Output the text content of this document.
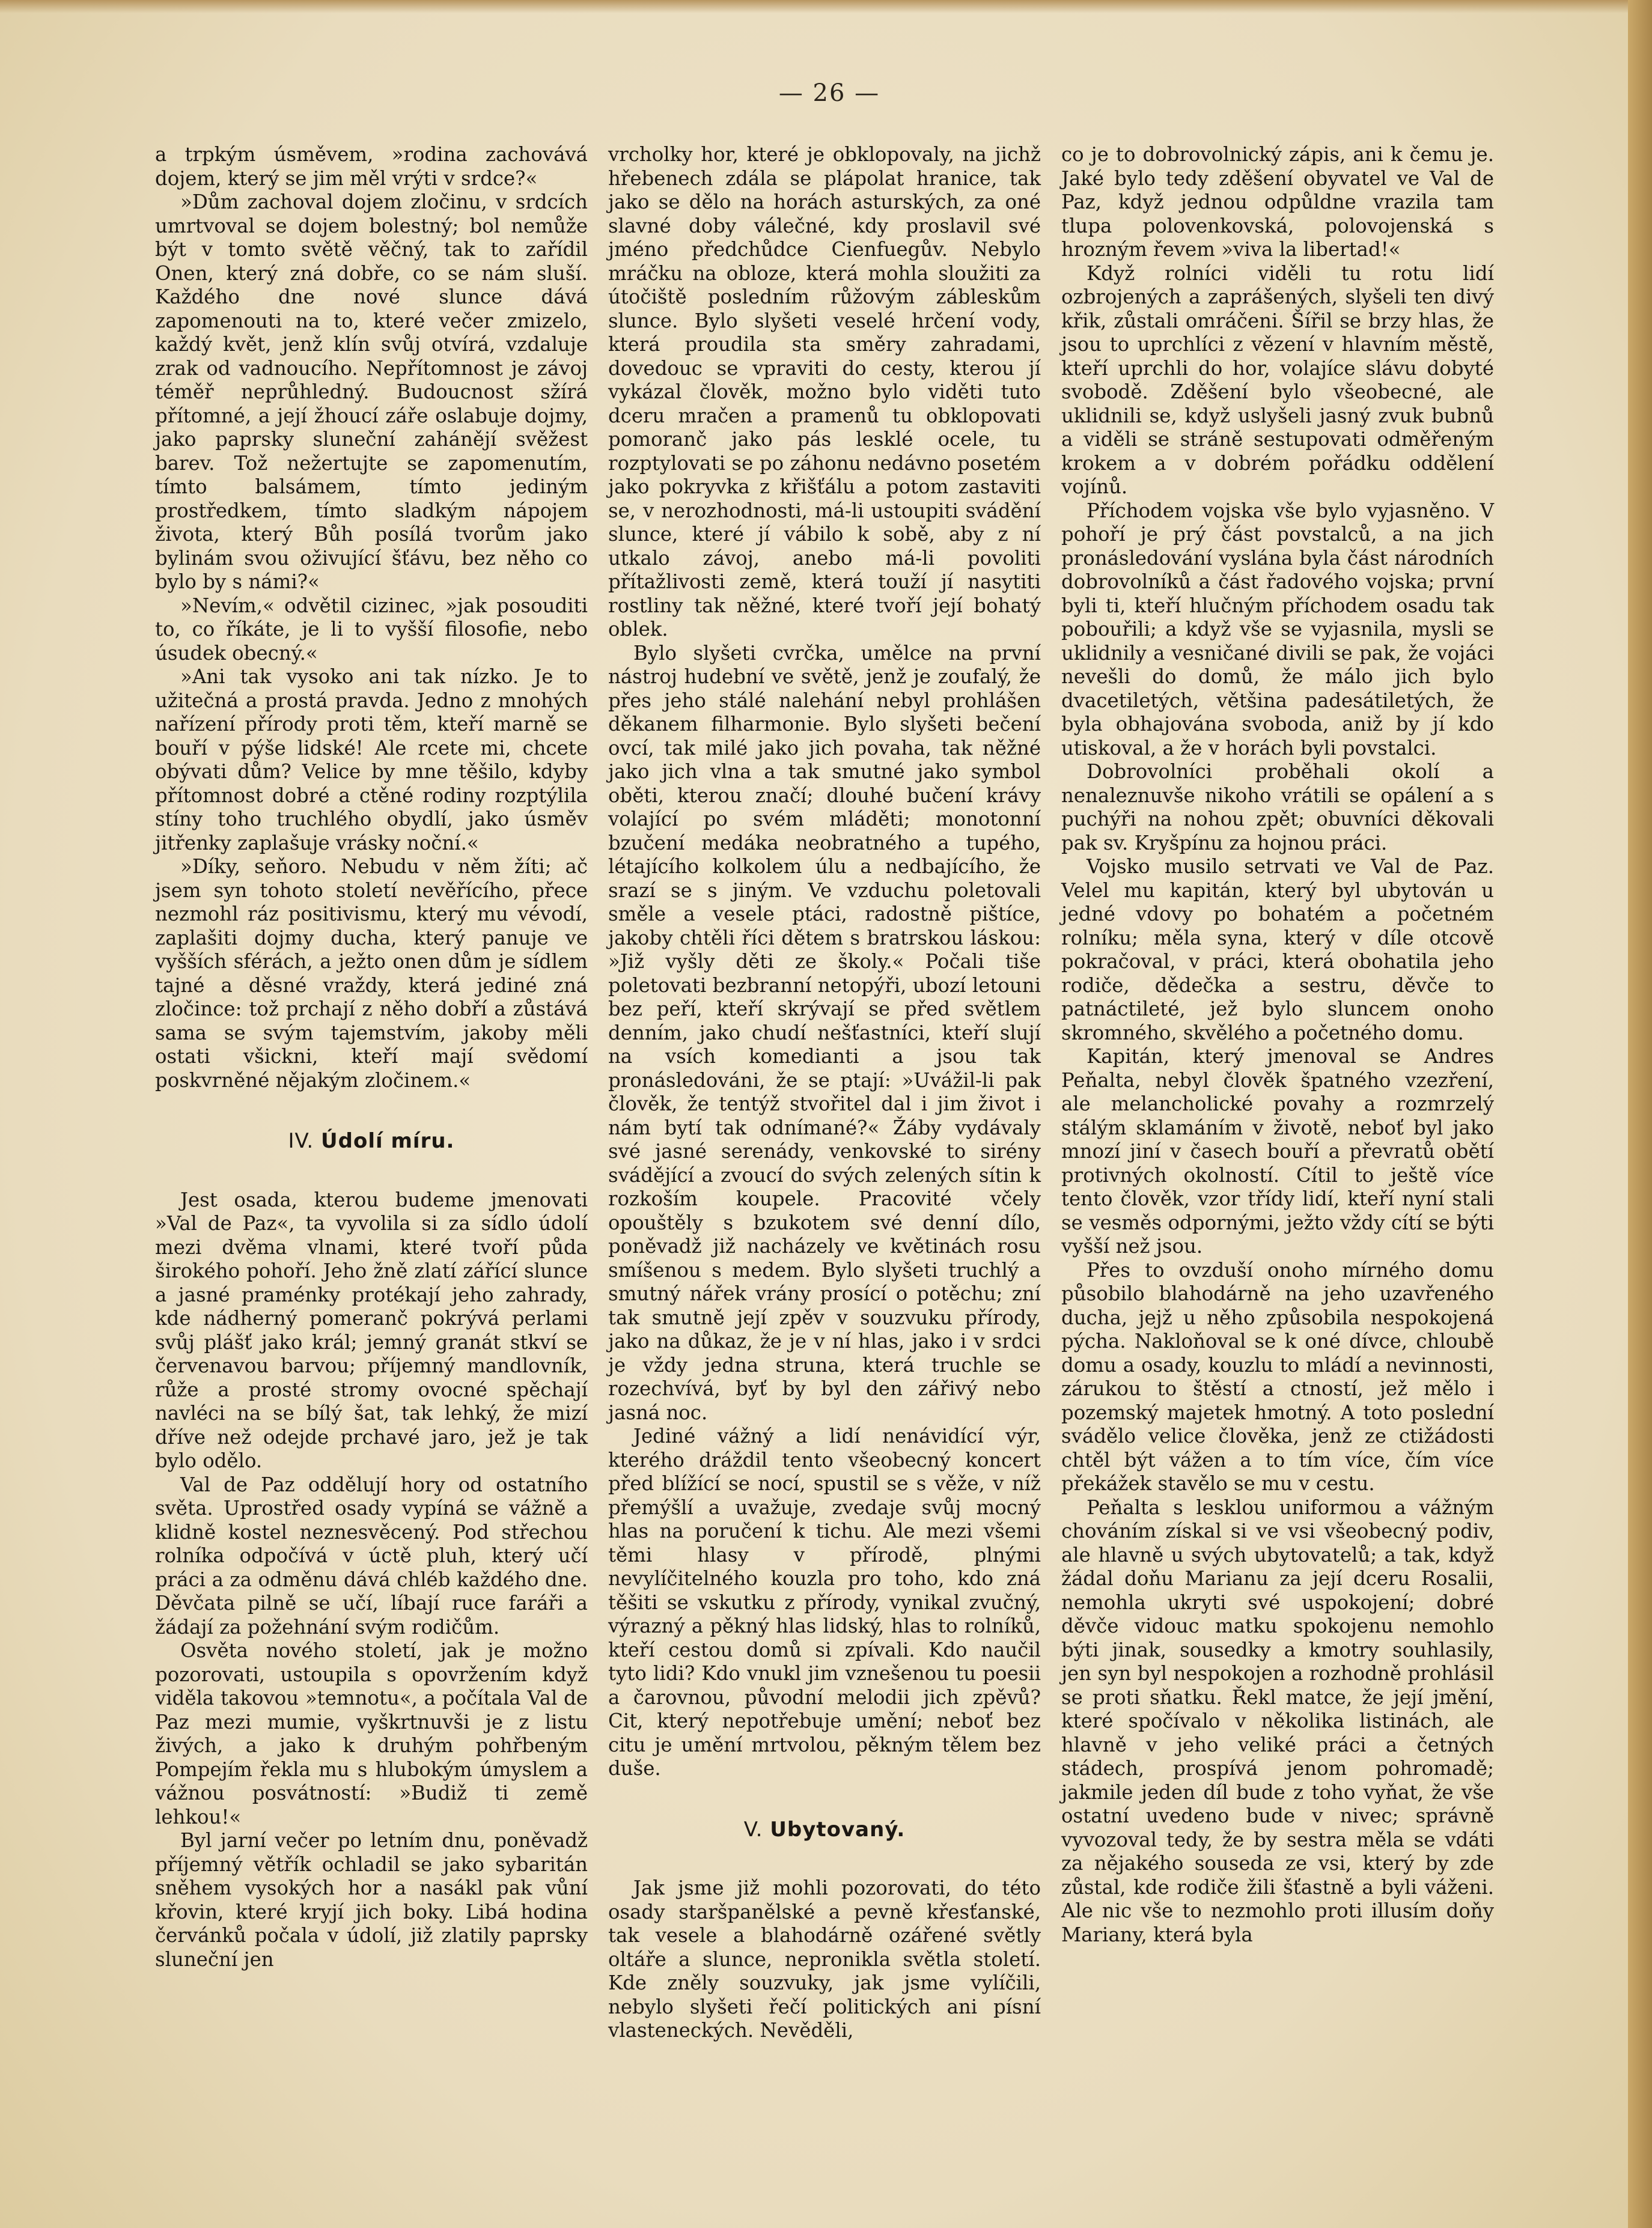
— 26 —

a trpkým úsměvem, »rodina zachovává dojem, který se jim měl vrýti v srdce?«

»Dům zachoval dojem zločinu, v srdcích umrtvoval se dojem bolestný; bol nemůže být v tomto světě věčný, tak to zařídil Onen, který zná dobře, co se nám sluší. Každého dne nové slunce dává zapomenouti na to, které večer zmizelo, každý květ, jenž klín svůj otvírá, vzdaluje zrak od vadnoucího. Nepřítomnost je závoj téměř neprůhledný. Budoucnost sžírá přítomné, a její žhoucí záře oslabuje dojmy, jako paprsky sluneční zahánějí svěžest barev. Tož nežertujte se zapomenutím, tímto balsámem, tímto jediným prostředkem, tímto sladkým nápojem života, který Bůh posílá tvorům jako bylinám svou oživující šťávu, bez něho co bylo by s námi?«

»Nevím,« odvětil cizinec, »jak posouditi to, co říkáte, je li to vyšší filosofie, nebo úsudek obecný.«

»Ani tak vysoko ani tak nízko. Je to užitečná a prostá pravda. Jedno z mnohých nařízení přírody proti těm, kteří marně se bouří v pýše lidské! Ale rcete mi, chcete obývati dům? Velice by mne těšilo, kdyby přítomnost dobré a ctěné rodiny rozptýlila stíny toho truchlého obydlí, jako úsměv jitřenky zaplašuje vrásky noční.«

»Díky, seňoro. Nebudu v něm žíti; ač jsem syn tohoto století nevěřícího, přece nezmohl ráz positivismu, který mu vévodí, zaplašiti dojmy ducha, který panuje ve vyšších sférách, a ježto onen dům je sídlem tajné a děsné vraždy, která jediné zná zločince: tož prchají z něho dobří a zůstává sama se svým tajemstvím, jakoby měli ostati všickni, kteří mají svědomí poskvrněné nějakým zločinem.«

IV. Údolí míru.

Jest osada, kterou budeme jmenovati »Val de Paz«, ta vyvolila si za sídlo údolí mezi dvěma vlnami, které tvoří půda širokého pohoří. Jeho žně zlatí zářící slunce a jasné praménky protékají jeho zahrady, kde nádherný pomeranč pokrývá perlami svůj plášť jako král; jemný granát stkví se červenavou barvou; příjemný mandlovník, růže a prosté stromy ovocné spěchají navléci na se bílý šat, tak lehký, že mizí dříve než odejde prchavé jaro, jež je tak bylo odělo.

Val de Paz oddělují hory od ostatního světa. Uprostřed osady vypíná se vážně a klidně kostel neznesvěcený. Pod střechou rolníka odpočívá v úctě pluh, který učí práci a za odměnu dává chléb každého dne. Děvčata pilně se učí, líbají ruce faráři a žádají za požehnání svým rodičům.

Osvěta nového století, jak je možno pozorovati, ustoupila s opovržením když viděla takovou »temnotu«, a počítala Val de Paz mezi mumie, vyškrtnuvši je z listu živých, a jako k druhým pohřbeným Pompejím řekla mu s hlubokým úmyslem a vážnou posvátností: »Budiž ti země lehkou!«

Byl jarní večer po letním dnu, poněvadž příjemný větřík ochladil se jako sybaritán sněhem vysokých hor a nasákl pak vůní křovin, které kryjí jich boky. Libá hodina červánků počala v údolí, již zlatily paprsky sluneční jen

vrcholky hor, které je obklopovaly, na jichž hřebenech zdála se plápolat hranice, tak jako se dělo na horách asturských, za oné slavné doby válečné, kdy proslavil své jméno předchůdce Cienfuegův. Nebylo mráčku na obloze, která mohla sloužiti za útočiště posledním růžovým zábleskům slunce. Bylo slyšeti veselé hrčení vody, která proudila sta směry zahradami, dovedouc se vpraviti do cesty, kterou jí vykázal člověk, možno bylo viděti tuto dceru mračen a pramenů tu obklopovati pomoranč jako pás lesklé ocele, tu rozptylovati se po záhonu nedávno posetém jako pokryvka z křišťálu a potom zastaviti se, v nerozhodnosti, má-li ustoupiti svádění slunce, které jí vábilo k sobě, aby z ní utkalo závoj, anebo má-li povoliti přítažlivosti země, která touží jí nasytiti rostliny tak něžné, které tvoří její bohatý oblek.

Bylo slyšeti cvrčka, umělce na první nástroj hudební ve světě, jenž je zoufalý, že přes jeho stálé nalehání nebyl prohlášen děkanem filharmonie. Bylo slyšeti bečení ovcí, tak milé jako jich povaha, tak něžné jako jich vlna a tak smutné jako symbol oběti, kterou značí; dlouhé bučení krávy volající po svém mláděti; monotonní bzučení medáka neobratného a tupého, létajícího kolkolem úlu a nedbajícího, že srazí se s jiným. Ve vzduchu poletovali směle a vesele ptáci, radostně pištíce, jakoby chtěli říci dětem s bratrskou láskou: »Již vyšly děti ze školy.« Počali tiše poletovati bezbranní netopýři, ubozí letouni bez peří, kteří skrývají se před světlem denním, jako chudí nešťastníci, kteří slují na vsích komedianti a jsou tak pronásledováni, že se ptají: »Uvážil-li pak člověk, že tentýž stvořitel dal i jim život i nám bytí tak odnímané?« Žáby vydávaly své jasné serenády, venkovské to sirény svádějící a zvoucí do svých zelených sítin k rozkoším koupele. Pracovité včely opouštěly s bzukotem své denní dílo, poněvadž již nacházely ve květinách rosu smíšenou s medem. Bylo slyšeti truchlý a smutný nářek vrány prosící o potěchu; zní tak smutně její zpěv v souzvuku přírody, jako na důkaz, že je v ní hlas, jako i v srdci je vždy jedna struna, která truchle se rozechvívá, byť by byl den zářivý nebo jasná noc.

Jediné vážný a lidí nenávidící výr, kterého dráždil tento všeobecný koncert před blížící se nocí, spustil se s věže, v níž přemýšlí a uvažuje, zvedaje svůj mocný hlas na poručení k tichu. Ale mezi všemi těmi hlasy v přírodě, plnými nevylíčitelného kouzla pro toho, kdo zná těšiti se vskutku z přírody, vynikal zvučný, výrazný a pěkný hlas lidský, hlas to rolníků, kteří cestou domů si zpívali. Kdo naučil tyto lidi? Kdo vnukl jim vznešenou tu poesii a čarovnou, původní melodii jich zpěvů? Cit, který nepotřebuje umění; neboť bez citu je umění mrtvolou, pěkným tělem bez duše.

V. Ubytovaný.

Jak jsme již mohli pozorovati, do této osady staršpanělské a pevně křesťanské, tak vesele a blahodárně ozářené světly oltáře a slunce, nepronikla světla století. Kde zněly souzvuky, jak jsme vylíčili, nebylo slyšeti řečí politických ani písní vlasteneckých. Nevěděli,

co je to dobrovolnický zápis, ani k čemu je. Jaké bylo tedy zděšení obyvatel ve Val de Paz, když jednou odpůldne vrazila tam tlupa polovenkovská, polovojenská s hrozným řevem »viva la libertad!«

Když rolníci viděli tu rotu lidí ozbrojených a zaprášených, slyšeli ten divý křik, zůstali omráčeni. Šířil se brzy hlas, že jsou to uprchlíci z vězení v hlavním městě, kteří uprchli do hor, volajíce slávu dobyté svobodě. Zděšení bylo všeobecné, ale uklidnili se, když uslyšeli jasný zvuk bubnů a viděli se stráně sestupovati odměřeným krokem a v dobrém pořádku oddělení vojínů.

Příchodem vojska vše bylo vyjasněno. V pohoří je prý část povstalců, a na jich pronásledování vyslána byla část národních dobrovolníků a část řadového vojska; první byli ti, kteří hlučným příchodem osadu tak pobouřili; a když vše se vyjasnila, mysli se uklidnily a vesničané divili se pak, že vojáci nevešli do domů, že málo jich bylo dvacetiletých, většina padesátiletých, že byla obhajována svoboda, aniž by jí kdo utiskoval, a že v horách byli povstalci.

Dobrovolníci proběhali okolí a nenaleznuvše nikoho vrátili se opálení a s puchýři na nohou zpět; obuvníci děkovali pak sv. Kryšpínu za hojnou práci.

Vojsko musilo setrvati ve Val de Paz. Velel mu kapitán, který byl ubytován u jedné vdovy po bohatém a početném rolníku; měla syna, který v díle otcově pokračoval, v práci, která obohatila jeho rodiče, dědečka a sestru, děvče to patnáctileté, jež bylo sluncem onoho skromného, skvělého a početného domu.

Kapitán, který jmenoval se Andres Peňalta, nebyl člověk špatného vzezření, ale melancholické povahy a rozmrzelý stálým sklamáním v životě, neboť byl jako mnozí jiní v časech bouří a převratů obětí protivných okolností. Cítil to ještě více tento člověk, vzor třídy lidí, kteří nyní stali se vesměs odpornými, ježto vždy cítí se býti vyšší než jsou.

Přes to ovzduší onoho mírného domu působilo blahodárně na jeho uzavřeného ducha, jejž u něho způsobila nespokojená pýcha. Nakloňoval se k oné dívce, chloubě domu a osady, kouzlu to mládí a nevinnosti, zárukou to štěstí a ctností, jež mělo i pozemský majetek hmotný. A toto poslední svádělo velice člověka, jenž ze ctižádosti chtěl být vážen a to tím více, čím více překážek stavělo se mu v cestu.

Peňalta s lesklou uniformou a vážným chováním získal si ve vsi všeobecný podiv, ale hlavně u svých ubytovatelů; a tak, když žádal doňu Marianu za její dceru Rosalii, nemohla ukryti své uspokojení; dobré děvče vidouc matku spokojenu nemohlo býti jinak, sousedky a kmotry souhlasily, jen syn byl nespokojen a rozhodně prohlásil se proti sňatku. Řekl matce, že její jmění, které spočívalo v několika listinách, ale hlavně v jeho veliké práci a četných stádech, prospívá jenom pohromadě; jakmile jeden díl bude z toho vyňat, že vše ostatní uvedeno bude v nivec; správně vyvozoval tedy, že by sestra měla se vdáti za nějakého souseda ze vsi, který by zde zůstal, kde rodiče žili šťastně a byli váženi. Ale nic vše to nezmohlo proti illusím doňy Mariany, která byla
